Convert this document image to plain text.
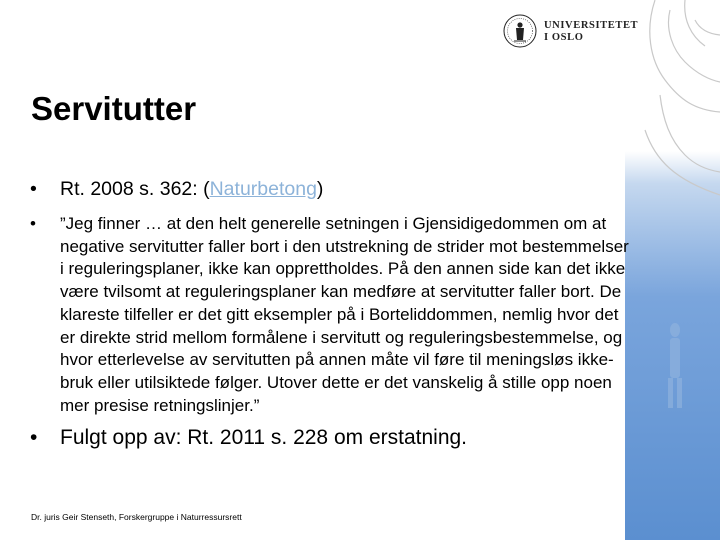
UNIVERSITETET
I OSLO
Servitutter
• Rt. 2008 s. 362: (Naturbetong)
• ”Jeg finner … at den helt generelle setningen i Gjensidigedommen om at negative servitutter faller bort i den utstrekning de strider mot bestemmelser i reguleringsplaner, ikke kan opprettholdes. På den annen side kan det ikke være tvilsomt at reguleringsplaner kan medføre at servitutter faller bort. De klareste tilfeller er det gitt eksempler på i Borteliddommen, nemlig hvor det er direkte strid mellom formålene i servitutt og reguleringsbestemmelse, og hvor etterlevelse av servitutten på annen måte vil føre til meningsløs ikke-bruk eller utilsiktede følger. Utover dette er det vanskelig å stille opp noen mer presise retningslinjer.”
• Fulgt opp av: Rt. 2011 s. 228 om erstatning.
Dr. juris Geir Stenseth, Forskergruppe i Naturressursrett
